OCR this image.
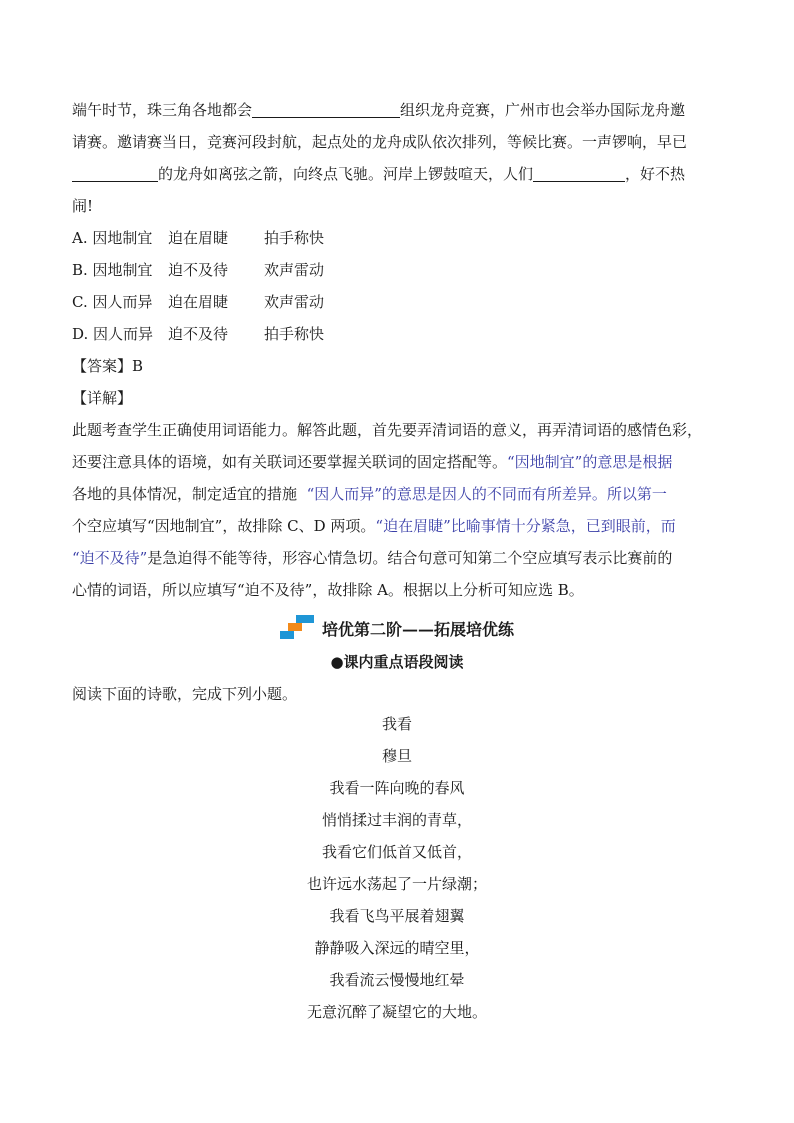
端午时节，珠三角各地都会	组织龙舟竞赛，广州市也会举办国际龙舟邀
请赛。邀请赛当日，竞赛河段封航，起点处的龙舟成队依次排列，等候比赛。一声锣响，早已
的龙舟如离弦之箭，向终点飞驰。河岸上锣鼓喧天，人们	，好不热
闹!
A. 因地制宜 迫在眉睫 拍手称快
B. 因地制宜 迫不及待 欢声雷动
C. 因人而异 迫在眉睫 欢声雷动
D. 因人而异 迫不及待 拍手称快
【答案】B
【详解】
此题考查学生正确使用词语能力。解答此题，首先要弄清词语的意义，再弄清词语的感情色彩，
还要注意具体的语境，如有关联词还要掌握关联词的固定搭配等。“因地制宜”的意思是根据
各地的具体情况，制定适宜的措施 “因人而异”的意思是因人的不同而有所差异。所以第一
个空应填写“因地制宜”，故排除 C、D 两项。“迫在眉睫”比喻事情十分紧急，已到眼前，而
“迫不及待”是急迫得不能等待，形容心情急切。结合句意可知第二个空应填写表示比赛前的
心情的词语，所以应填写“迫不及待”，故排除 A。根据以上分析可知应选 B。
培优第二阶——拓展培优练
●课内重点语段阅读
阅读下面的诗歌，完成下列小题。
我看
穆旦
我看一阵向晚的春风
悄悄揉过丰润的青草，
我看它们低首又低首，
也许远水荡起了一片绿潮；
我看飞鸟平展着翅翼
静静吸入深远的晴空里，
我看流云慢慢地红晕
无意沉醉了凝望它的大地。
